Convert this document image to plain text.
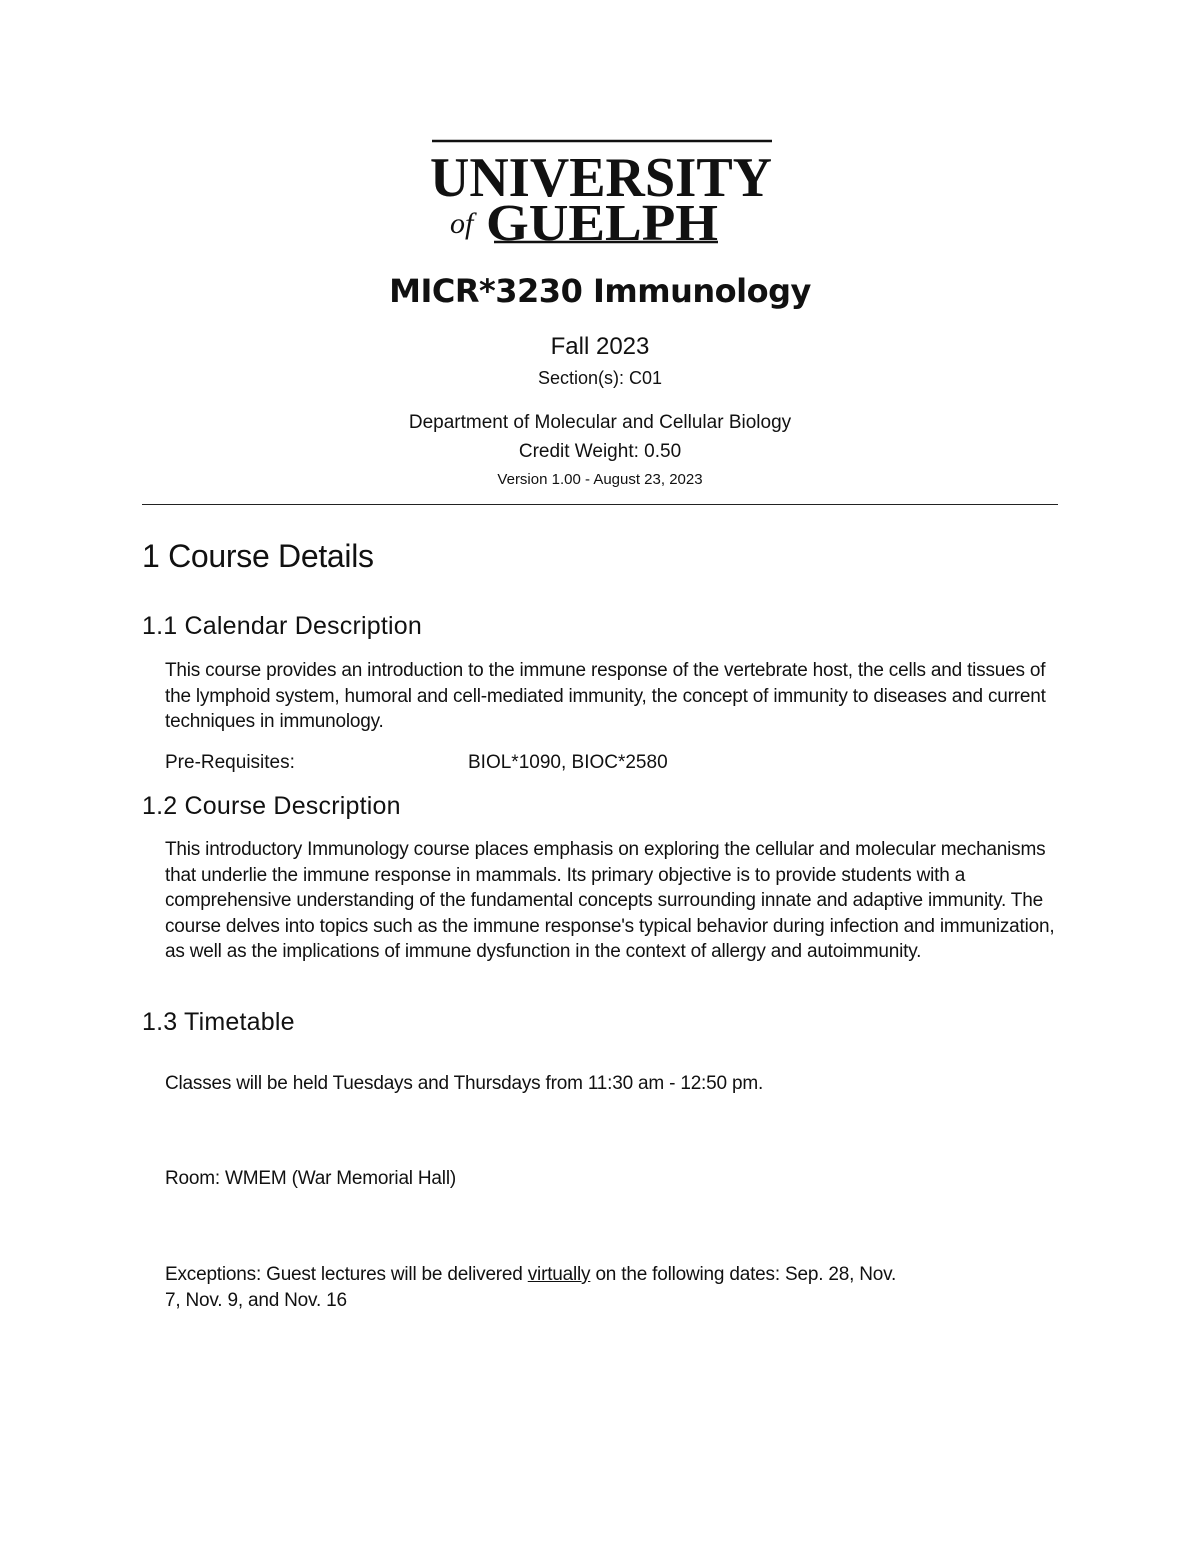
UNIVERSITY
of GUELPH
MICR*3230 Immunology
Fall 2023
Section(s): C01
Department of Molecular and Cellular Biology
Credit Weight: 0.50
Version 1.00 - August 23, 2023
1 Course Details
1.1 Calendar Description
This course provides an introduction to the immune response of the vertebrate host, the cells and tissues of the lymphoid system, humoral and cell-mediated immunity, the concept of immunity to diseases and current techniques in immunology.
Pre-Requisites:	BIOL*1090, BIOC*2580
1.2 Course Description
This introductory Immunology course places emphasis on exploring the cellular and molecular mechanisms that underlie the immune response in mammals. Its primary objective is to provide students with a comprehensive understanding of the fundamental concepts surrounding innate and adaptive immunity. The course delves into topics such as the immune response's typical behavior during infection and immunization, as well as the implications of immune dysfunction in the context of allergy and autoimmunity.
1.3 Timetable
Classes will be held Tuesdays and Thursdays from 11:30 am - 12:50 pm.
Room: WMEM (War Memorial Hall)
Exceptions: Guest lectures will be delivered virtually on the following dates: Sep. 28, Nov.
7, Nov. 9, and Nov. 16
